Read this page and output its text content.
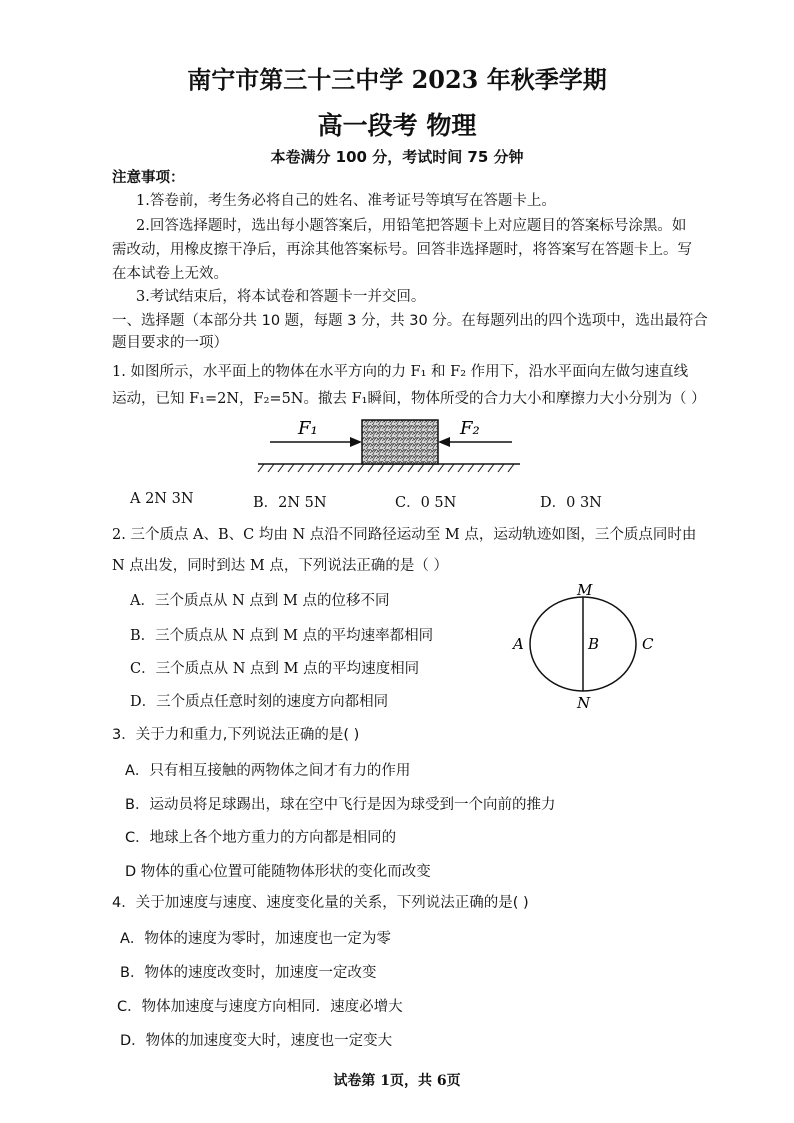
南宁市第三十三中学 2023 年秋季学期
高一段考 物理
本卷满分 100 分，考试时间 75 分钟
注意事项：
1.答卷前，考生务必将自己的姓名、准考证号等填写在答题卡上。
2.回答选择题时，选出每小题答案后，用铅笔把答题卡上对应题目的答案标号涂黑。如
需改动，用橡皮擦干净后，再涂其他答案标号。回答非选择题时，将答案写在答题卡上。写
在本试卷上无效。
3.考试结束后，将本试卷和答题卡一并交回。
一、选择题（本部分共 10 题，每题 3 分，共 30 分。在每题列出的四个选项中，选出最符合
题目要求的一项）
1. 如图所示，水平面上的物体在水平方向的力 F₁ 和 F₂ 作用下，沿水平面向左做匀速直线
运动，已知 F₁=2N，F₂=5N。撤去 F₁瞬间，物体所受的合力大小和摩擦力大小分别为（ ）
F₁	F₂
A 2N 3N	B．2N 5N	C．0 5N	D．0 3N
2. 三个质点 A、B、C 均由 N 点沿不同路径运动至 M 点，运动轨迹如图，三个质点同时由
N 点出发，同时到达 M 点，下列说法正确的是（ ）
A．三个质点从 N 点到 M 点的位移不同
B．三个质点从 N 点到 M 点的平均速率都相同
C．三个质点从 N 点到 M 点的平均速度相同
D．三个质点任意时刻的速度方向都相同
M
N
A	B	C
3．关于力和重力,下列说法正确的是( )
A．只有相互接触的两物体之间才有力的作用
B．运动员将足球踢出，球在空中飞行是因为球受到一个向前的推力
C．地球上各个地方重力的方向都是相同的
D 物体的重心位置可能随物体形状的变化而改变
4．关于加速度与速度、速度变化量的关系，下列说法正确的是( )
A．物体的速度为零时，加速度也一定为零
B．物体的速度改变时，加速度一定改变
C．物体加速度与速度方向相同．速度必增大
D．物体的加速度变大时，速度也一定变大
试卷第 1页，共 6页
